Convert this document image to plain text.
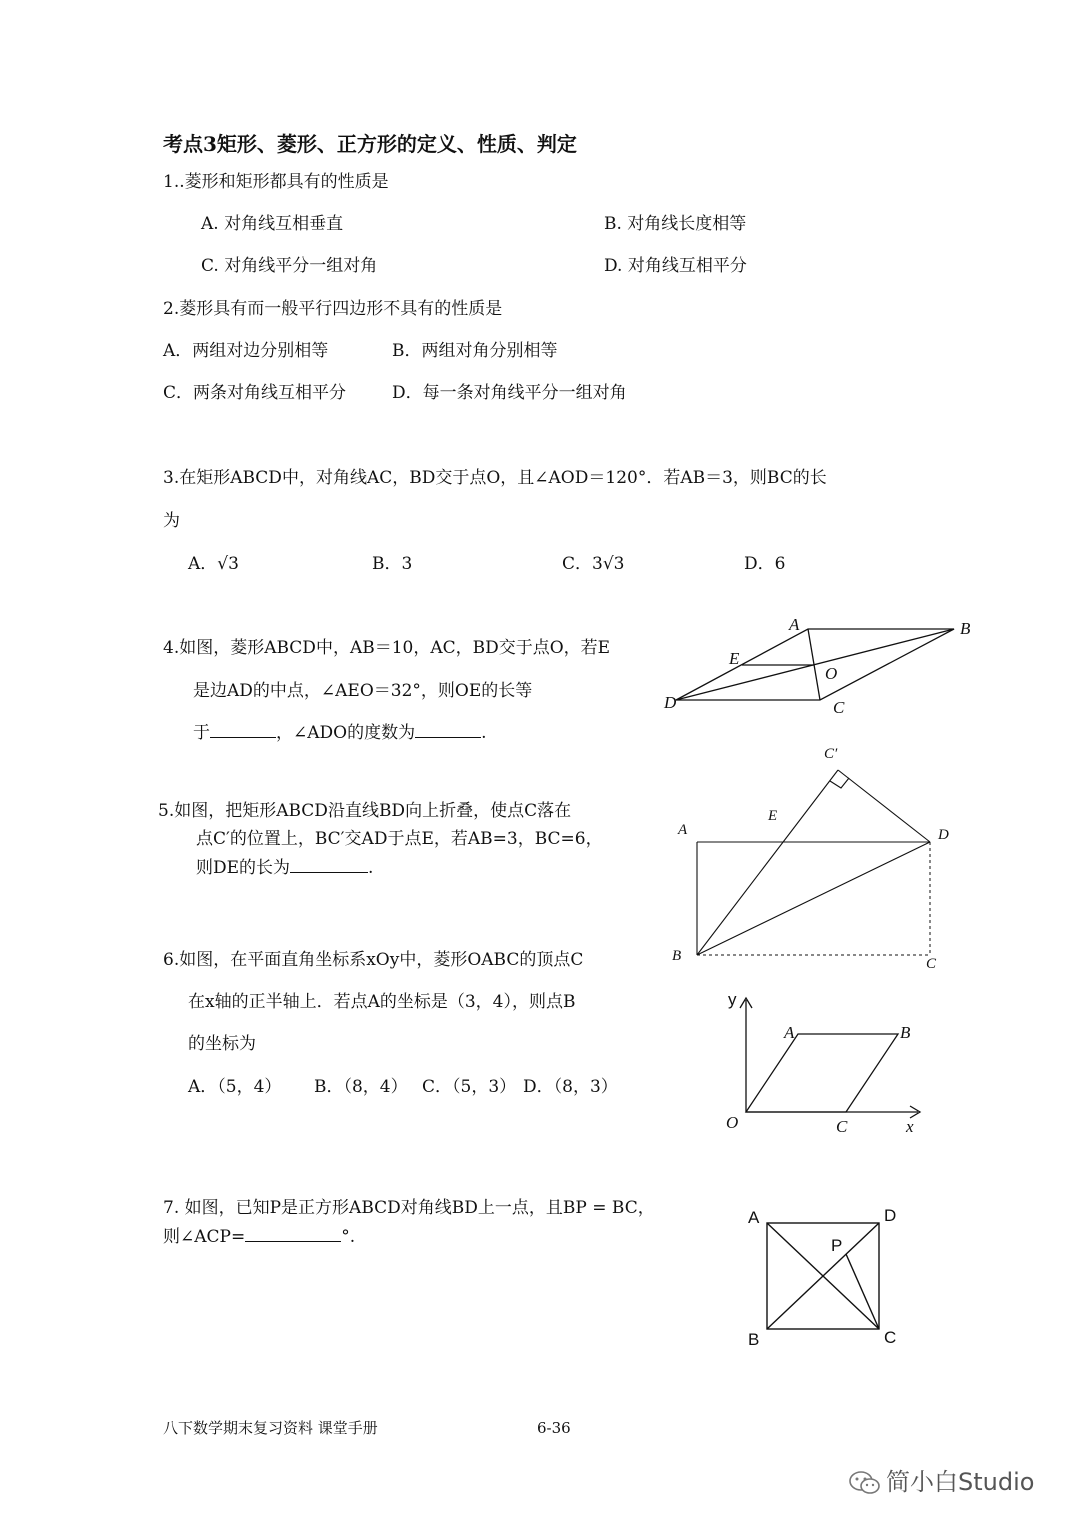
考点3矩形、菱形、正方形的定义、性质、判定
1..菱形和矩形都具有的性质是
A. 对角线互相垂直	B. 对角线长度相等
C. 对角线平分一组对角	D. 对角线互相平分
2.菱形具有而一般平行四边形不具有的性质是
A．两组对边分别相等	B．两组对角分别相等
C．两条对角线互相平分	D．每一条对角线平分一组对角
3.在矩形ABCD中，对角线AC，BD交于点O，且∠AOD＝120°．若AB＝3，则BC的长
为
A．√3	B．3	C．3√3	D．6
4.如图，菱形ABCD中，AB＝10，AC，BD交于点O，若E
是边AD的中点，∠AEO＝32°，则OE的长等
于	，∠ADO的度数为	.
A	B
C
D
E
O
5.如图，把矩形ABCD沿直线BD向上折叠，使点C落在
点C′的位置上，BC′交AD于点E，若AB=3，BC=6，
则DE的长为	.
C′
E
A	D
B	C
6.如图，在平面直角坐标系xOy中，菱形OABC的顶点C
在x轴的正半轴上．若点A的坐标是（3，4），则点B
的坐标为
A．（5，4） B．（8，4） C．（5，3） D．（8，3）
y
A	B
O	C	x
7. 如图，已知P是正方形ABCD对角线BD上一点，且BP = BC，
则∠ACP=	°.
A	D
P
B	C
八下数学期末复习资料 课堂手册	6-36
简小白Studio
